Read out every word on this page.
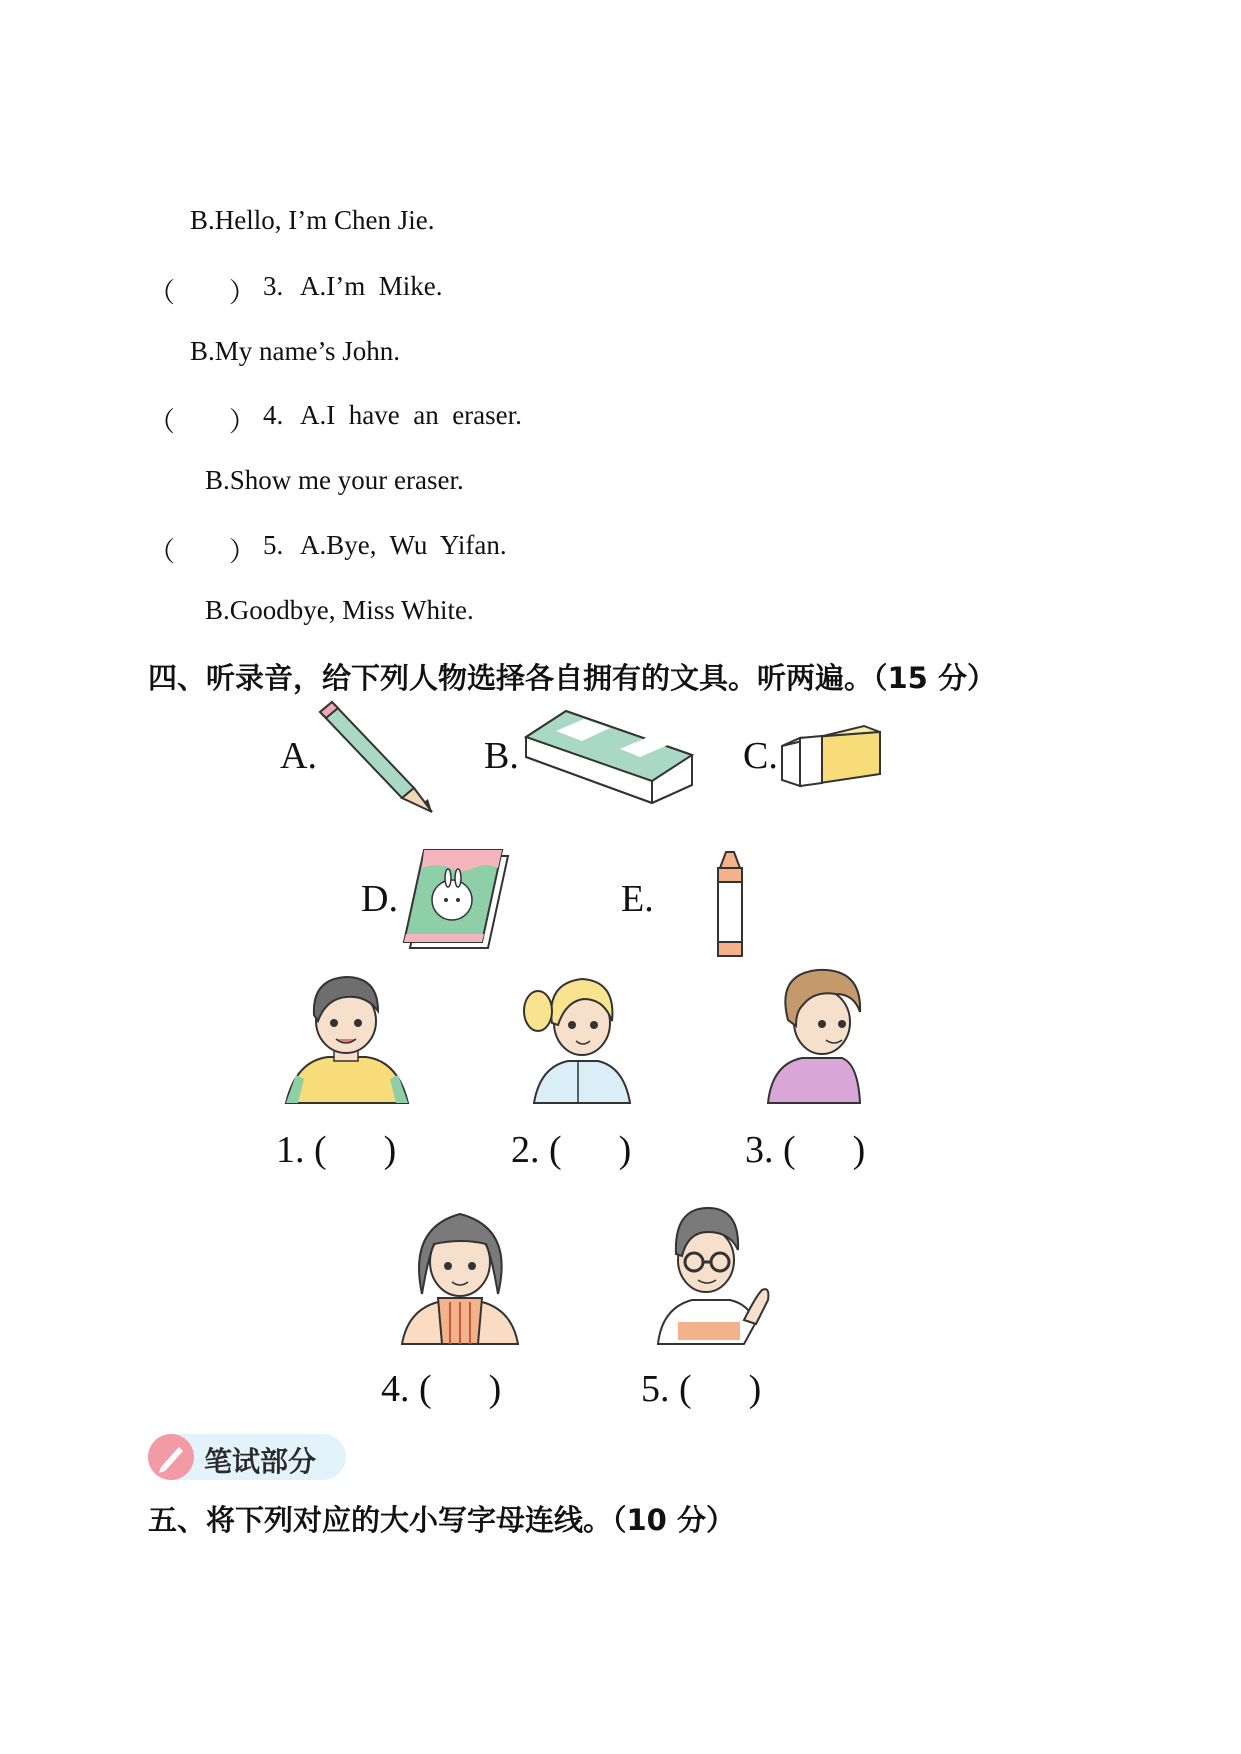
B.Hello, I’m Chen Jie.
（        ） 3. A.I’m  Mike.
B.My name’s John.
（        ） 4. A.I  have  an  eraser.
B.Show me your eraser.
（        ） 5. A.Bye,  Wu  Yifan.
B.Goodbye, Miss White.
四、听录音，给下列人物选择各自拥有的文具。听两遍。（15 分）
A.	B.	C.
D.	E.
1. (      )	2. (      )	3. (      )
4. (      )	5. (      )
笔试部分
五、将下列对应的大小写字母连线。（10 分）
